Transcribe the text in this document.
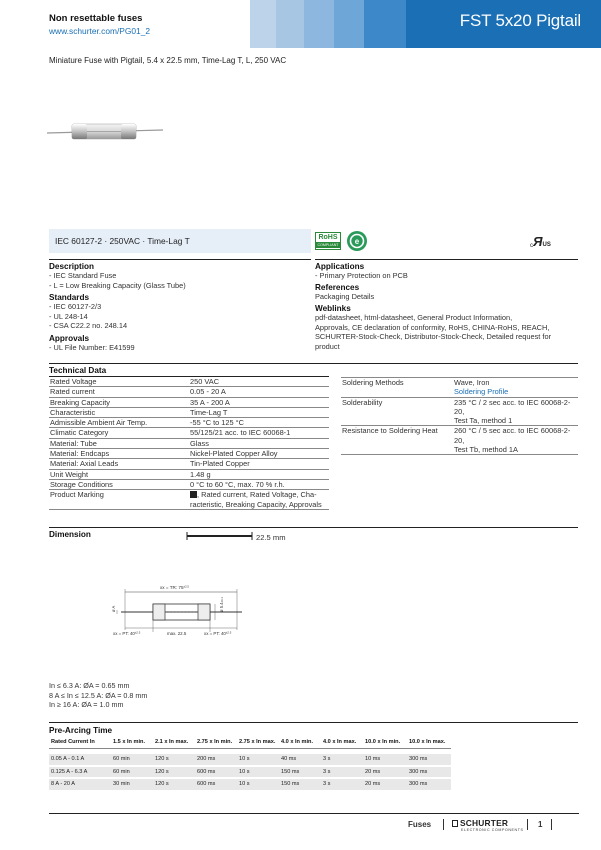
Non resettable fuses
www.schurter.com/PG01_2
FST 5x20 Pigtail
Miniature Fuse with Pigtail, 5.4 x 22.5 mm, Time-Lag T, L, 250 VAC
IEC 60127-2 · 250VAC · Time-Lag T	RoHS
COMPLIANT e	cЯUS
Description
- IEC Standard Fuse
- L = Low Breaking Capacity (Glass Tube)
Standards
- IEC 60127-2/3
- UL 248-14
- CSA C22.2 no. 248.14
Approvals
- UL File Number: E41599
Applications
- Primary Protection on PCB
References
Packaging Details
Weblinks
pdf-datasheet, html-datasheet, General Product Information,
Approvals, CE declaration of conformity, RoHS, CHINA-RoHS, REACH,
SCHURTER-Stock-Check, Distributor-Stock-Check, Detailed request for
product
Technical Data
Rated Voltage	250 VAC
Rated current	0.05 - 20 A
Breaking Capacity	35 A - 200 A
Characteristic	Time-Lag T
Admissible Ambient Air Temp.	-55 °C to 125 °C
Climatic Category	55/125/21 acc. to IEC 60068-1
Material: Tube	Glass
Material: Endcaps	Nickel-Plated Copper Alloy
Material: Axial Leads	Tin-Plated Copper
Unit Weight	1.48 g
Storage Conditions	0 °C to 60 °C, max. 70 % r.h.
Product Marking	, Rated current, Rated Voltage, Cha-
racteristic, Breaking Capacity, Approvals
Soldering Methods	Wave, Iron
Soldering Profile

Solderability	235 °C / 2 sec acc. to IEC 60068-2-20,
Test Ta, method 1

Resistance to Soldering Heat	260 °C / 5 sec acc. to IEC 60068-2-20,
Test Tb, method 1A
Dimension	22.5 mm
xx = TR: $75^{\pm 2.5}$
xx = PT: $40^{\pm 2.5}$	max. 22.5	xx = PT: $40^{\pm 2.5}$
ø A	ø 5.4±0.1
In ≤ 6.3 A: ØA = 0.65 mm
8 A ≤ In ≤ 12.5 A: ØA = 0.8 mm
In ≥ 16 A: ØA = 1.0 mm
Pre-Arcing Time
Rated Current In	1.5 x In min.	2.1 x In max.	2.75 x In min.	2.75 x In max.	4.0 x In min.	4.0 x In max.	10.0 x In min.	10.0 x In max.

0.05 A - 0.1 A	60 min	120 s	200 ms	10 s	40 ms	3 s	10 ms	300 ms

0.125 A - 6.3 A	60 min	120 s	600 ms	10 s	150 ms	3 s	20 ms	300 ms

8 A - 20 A	30 min	120 s	600 ms	10 s	150 ms	3 s	20 ms	300 ms
Fuses	SCHURTER
ELECTRONIC COMPONENTS
1
